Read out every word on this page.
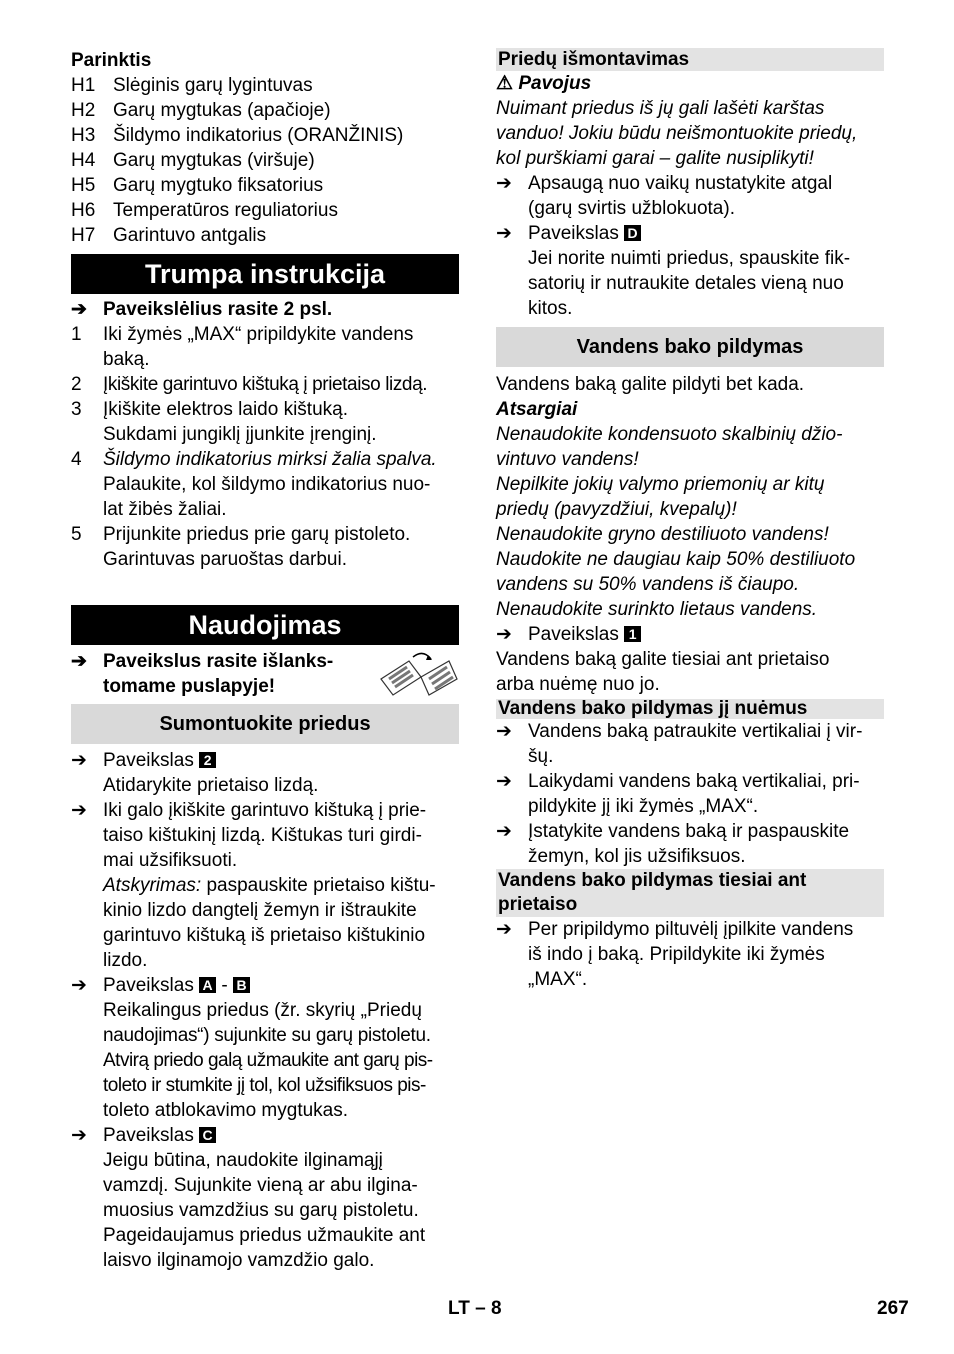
Parinktis
H1 Slėginis garų lygintuvas
H2 Garų mygtukas (apačioje)
H3 Šildymo indikatorius (ORANŽINIS)
H4 Garų mygtukas (viršuje)
H5 Garų mygtuko fiksatorius
H6 Temperatūros reguliatorius
H7 Garintuvo antgalis
Trumpa instrukcija
➔ Paveikslėlius rasite 2 psl.
1	Iki žymės „MAX“ pripildykite vandens
baką.
2	Įkiškite garintuvo kištuką į prietaiso lizdą.
3	Įkiškite elektros laido kištuką.
Sukdami jungiklį įjunkite įrenginį.
4	Šildymo indikatorius mirksi žalia spalva.
Palaukite, kol šildymo indikatorius nuo-
lat žibės žaliai.
5	Prijunkite priedus prie garų pistoleto.
Garintuvas paruoštas darbui.
Naudojimas
➔ Paveikslus rasite išlanks-
tomame puslapyje!
Sumontuokite priedus
➔ Paveikslas 2
Atidarykite prietaiso lizdą.
➔ Iki galo įkiškite garintuvo kištuką į prie-
taiso kištukinį lizdą. Kištukas turi girdi-
mai užsifiksuoti.
Atskyrimas: paspauskite prietaiso kištu-
kinio lizdo dangtelį žemyn ir ištraukite
garintuvo kištuką iš prietaiso kištukinio
lizdo.
➔ Paveikslas A - B
Reikalingus priedus (žr. skyrių „Priedų
naudojimas“) sujunkite su garų pistoletu.
Atvirą priedo galą užmaukite ant garų pis-
toleto ir stumkite jį tol, kol užsifiksuos pis-
toleto atblokavimo mygtukas.
➔ Paveikslas C
Jeigu būtina, naudokite ilginamąjį
vamzdį. Sujunkite vieną ar abu ilgina-
muosius vamzdžius su garų pistoletu.
Pageidaujamus priedus užmaukite ant
laisvo ilginamojo vamzdžio galo.
Priedų išmontavimas
⚠ Pavojus
Nuimant priedus iš jų gali lašėti karštas
vanduo! Jokiu būdu neišmontuokite priedų,
kol purškiami garai – galite nusiplikyti!
➔ Apsaugą nuo vaikų nustatykite atgal
(garų svirtis užblokuota).
➔ Paveikslas D
Jei norite nuimti priedus, spauskite fik-
satorių ir nutraukite detales vieną nuo
kitos.
Vandens bako pildymas
Vandens baką galite pildyti bet kada.
Atsargiai
Nenaudokite kondensuoto skalbinių džio-
vintuvo vandens!
Nepilkite jokių valymo priemonių ar kitų
priedų (pavyzdžiui, kvepalų)!
Nenaudokite gryno destiliuoto vandens!
Naudokite ne daugiau kaip 50% destiliuoto
vandens su 50% vandens iš čiaupo.
Nenaudokite surinkto lietaus vandens.
➔ Paveikslas 1
Vandens baką galite tiesiai ant prietaiso
arba nuėmę nuo jo.
Vandens bako pildymas jį nuėmus
➔ Vandens baką patraukite vertikaliai į vir-
šų.
➔ Laikydami vandens baką vertikaliai, pri-
pildykite jį iki žymės „MAX“.
➔ Įstatykite vandens baką ir paspauskite
žemyn, kol jis užsifiksuos.
Vandens bako pildymas tiesiai ant
prietaiso
➔ Per pripildymo piltuvėlį įpilkite vandens
iš indo į baką. Pripildykite iki žymės
„MAX“.
LT – 8	267
